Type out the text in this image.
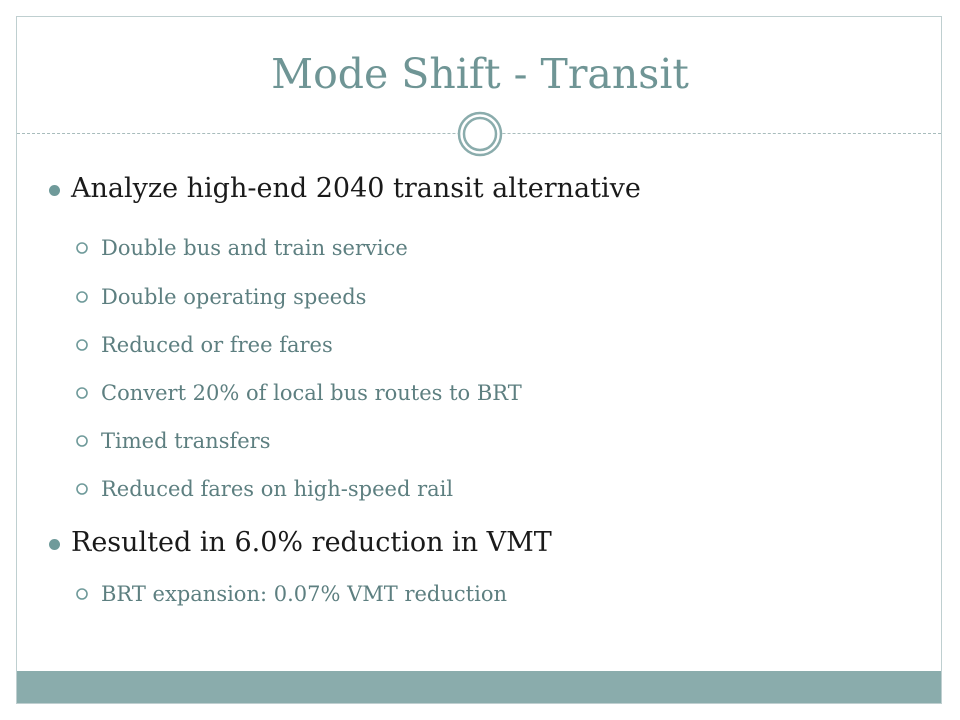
Mode Shift - Transit
Analyze high-end 2040 transit alternative
Double bus and train service
Double operating speeds
Reduced or free fares
Convert 20% of local bus routes to BRT
Timed transfers
Reduced fares on high-speed rail
Resulted in 6.0% reduction in VMT
BRT expansion: 0.07% VMT reduction
